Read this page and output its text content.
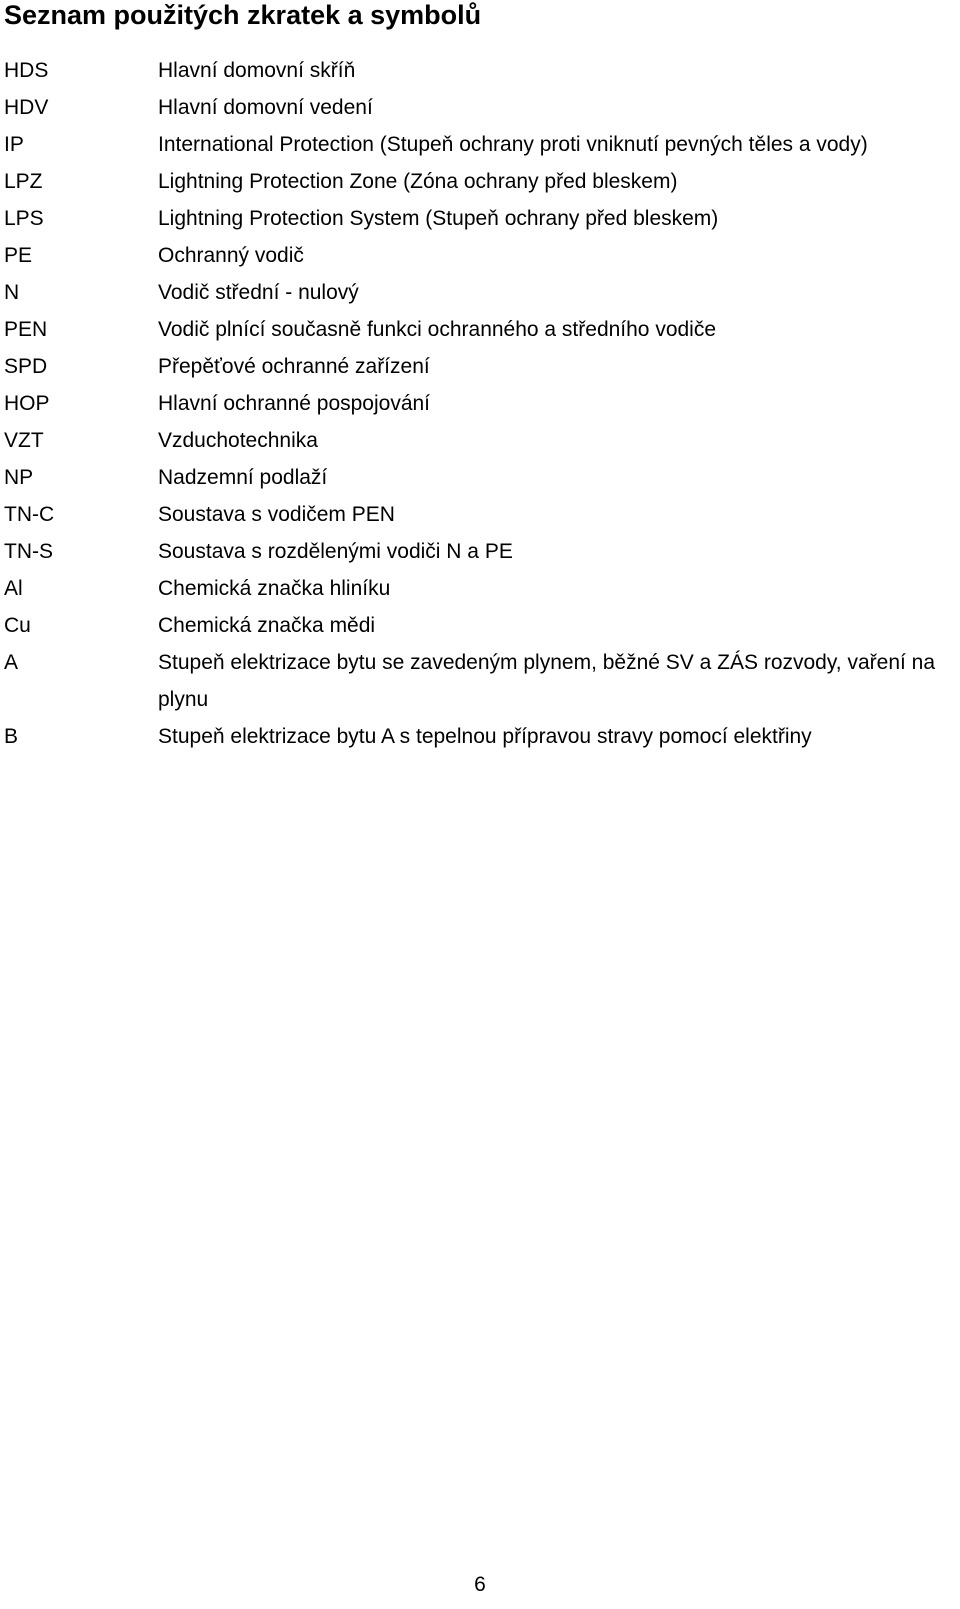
Seznam použitých zkratek a symbolů
HDS	Hlavní domovní skříň
HDV	Hlavní domovní vedení
IP	International Protection (Stupeň ochrany proti vniknutí pevných těles a vody)
LPZ	Lightning Protection Zone (Zóna ochrany před bleskem)
LPS	Lightning Protection System (Stupeň ochrany před bleskem)
PE	Ochranný vodič
N	Vodič střední - nulový
PEN	Vodič plnící současně funkci ochranného a středního vodiče
SPD	Přepěťové ochranné zařízení
HOP	Hlavní ochranné pospojování
VZT	Vzduchotechnika
NP	Nadzemní podlaží
TN-C	Soustava s vodičem PEN
TN-S	Soustava s rozdělenými vodiči N a PE
Al	Chemická značka hliníku
Cu	Chemická značka mědi
A	Stupeň elektrizace bytu se zavedeným plynem, běžné SV a ZÁS rozvody, vaření na plynu
B	Stupeň elektrizace bytu A s tepelnou přípravou stravy pomocí elektřiny
6
